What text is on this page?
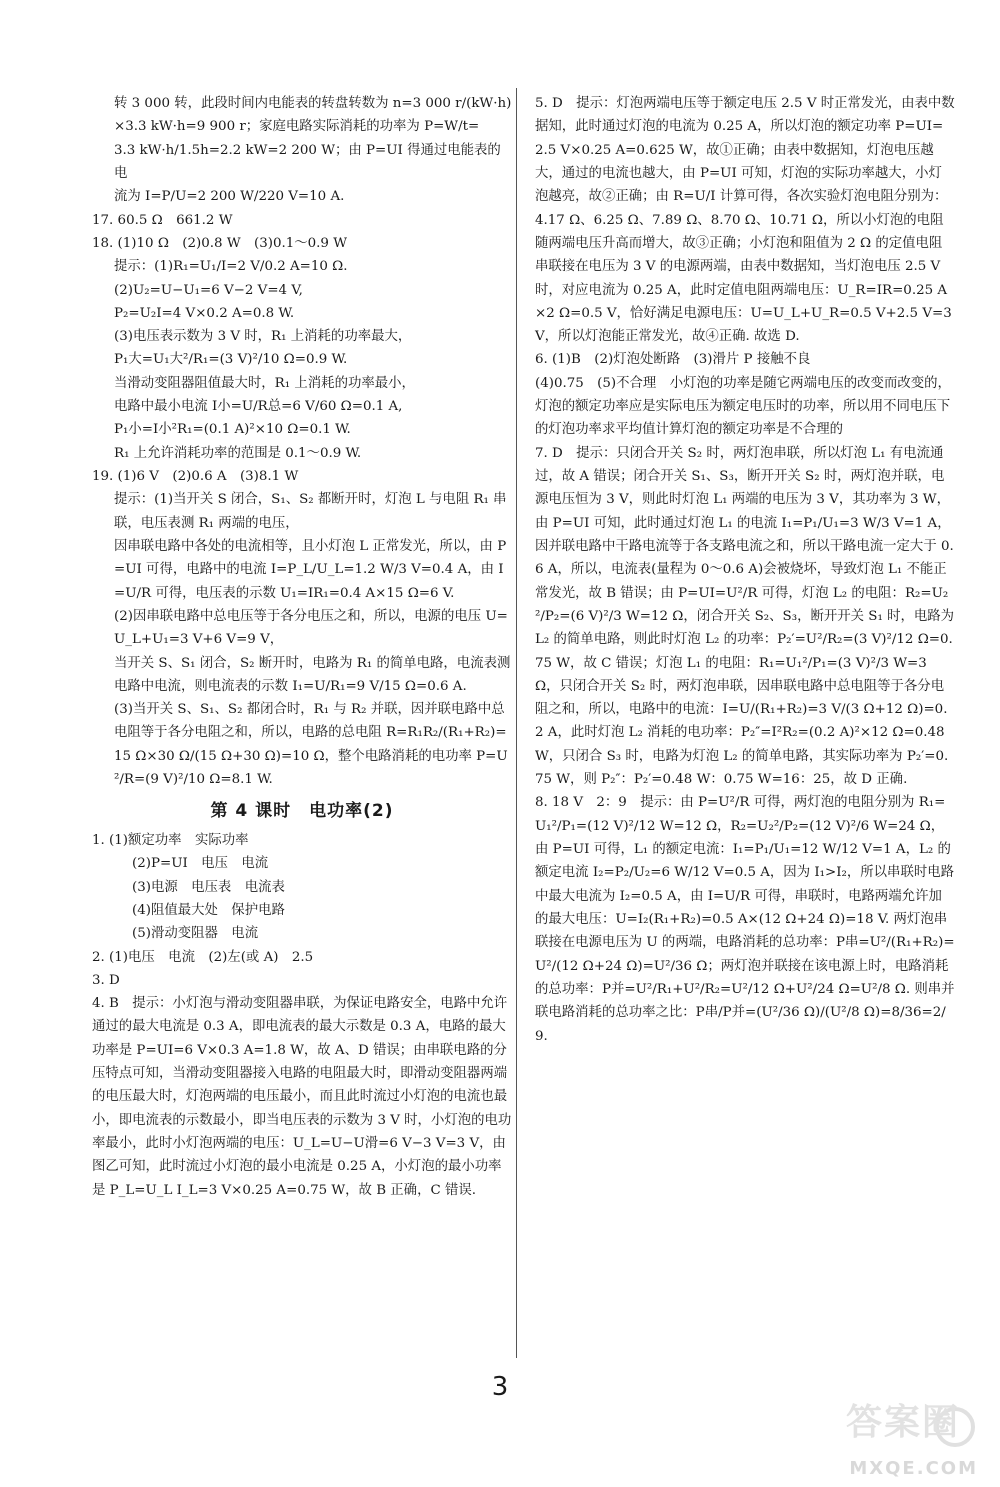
转 3 000 转，此段时间内电能表的转盘转数为 n=3 000 r/(kW·h)
×3.3 kW·h=9 900 r；家庭电路实际消耗的功率为 P=W/t=
3.3 kW·h/1.5h=2.2 kW=2 200 W；由 P=UI 得通过电能表的电
流为 I=P/U=2 200 W/220 V=10 A.
17. 60.5 Ω　661.2 W
18. (1)10 Ω　(2)0.8 W　(3)0.1～0.9 W
提示：(1)R₁=U₁/I=2 V/0.2 A=10 Ω.
(2)U₂=U−U₁=6 V−2 V=4 V,
P₂=U₂I=4 V×0.2 A=0.8 W.
(3)电压表示数为 3 V 时，R₁ 上消耗的功率最大，
P₁大=U₁大²/R₁=(3 V)²/10 Ω=0.9 W.
当滑动变阻器阻值最大时，R₁ 上消耗的功率最小，
电路中最小电流 I小=U/R总=6 V/60 Ω=0.1 A,
P₁小=I小²R₁=(0.1 A)²×10 Ω=0.1 W.
R₁ 上允许消耗功率的范围是 0.1～0.9 W.
19. (1)6 V　(2)0.6 A　(3)8.1 W
提示：(1)当开关 S 闭合，S₁、S₂ 都断开时，灯泡 L 与电阻 R₁ 串联，电压表测 R₁ 两端的电压，
因串联电路中各处的电流相等，且小灯泡 L 正常发光，所以，由 P=UI 可得，电路中的电流 I=P_L/U_L=1.2 W/3 V=0.4 A，由 I=U/R 可得，电压表的示数 U₁=IR₁=0.4 A×15 Ω=6 V.
(2)因串联电路中总电压等于各分电压之和，所以，电源的电压 U=U_L+U₁=3 V+6 V=9 V，
当开关 S、S₁ 闭合，S₂ 断开时，电路为 R₁ 的简单电路，电流表测电路中电流，则电流表的示数 I₁=U/R₁=9 V/15 Ω=0.6 A.
(3)当开关 S、S₁、S₂ 都闭合时，R₁ 与 R₂ 并联，因并联电路中总电阻等于各分电阻之和，所以，电路的总电阻 R=R₁R₂/(R₁+R₂)=15 Ω×30 Ω/(15 Ω+30 Ω)=10 Ω，整个电路消耗的电功率 P=U²/R=(9 V)²/10 Ω=8.1 W.
第 4 课时　电功率(2)
1. (1)额定功率　实际功率
(2)P=UI　电压　电流
(3)电源　电压表　电流表
(4)阻值最大处　保护电路
(5)滑动变阻器　电流
2. (1)电压　电流　(2)左(或 A)　2.5
3. D
4. B　提示：小灯泡与滑动变阻器串联，为保证电路安全，电路中允许通过的最大电流是 0.3 A，即电流表的最大示数是 0.3 A，电路的最大功率是 P=UI=6 V×0.3 A=1.8 W，故 A、D 错误；由串联电路的分压特点可知，当滑动变阻器接入电路的电阻最大时，即滑动变阻器两端的电压最大时，灯泡两端的电压最小，而且此时流过小灯泡的电流也最小，即电流表的示数最小，即当电压表的示数为 3 V 时，小灯泡的电功率最小，此时小灯泡两端的电压：U_L=U−U滑=6 V−3 V=3 V，由图乙可知，此时流过小灯泡的最小电流是 0.25 A，小灯泡的最小功率是 P_L=U_L I_L=3 V×0.25 A=0.75 W，故 B 正确，C 错误.
5. D　提示：灯泡两端电压等于额定电压 2.5 V 时正常发光，由表中数据知，此时通过灯泡的电流为 0.25 A，所以灯泡的额定功率 P=UI=2.5 V×0.25 A=0.625 W，故①正确；由表中数据知，灯泡电压越大，通过的电流也越大，由 P=UI 可知，灯泡的实际功率越大，小灯泡越亮，故②正确；由 R=U/I 计算可得，各次实验灯泡电阻分别为：4.17 Ω、6.25 Ω、7.89 Ω、8.70 Ω、10.71 Ω，所以小灯泡的电阻随两端电压升高而增大，故③正确；小灯泡和阻值为 2 Ω 的定值电阻串联接在电压为 3 V 的电源两端，由表中数据知，当灯泡电压 2.5 V 时，对应电流为 0.25 A，此时定值电阻两端电压：U_R=IR=0.25 A×2 Ω=0.5 V，恰好满足电源电压：U=U_L+U_R=0.5 V+2.5 V=3 V，所以灯泡能正常发光，故④正确. 故选 D.
6. (1)B　(2)灯泡处断路　(3)滑片 P 接触不良
(4)0.75　(5)不合理　小灯泡的功率是随它两端电压的改变而改变的，灯泡的额定功率应是实际电压为额定电压时的功率，所以用不同电压下的灯泡功率求平均值计算灯泡的额定功率是不合理的
7. D　提示：只闭合开关 S₂ 时，两灯泡串联，所以灯泡 L₁ 有电流通过，故 A 错误；闭合开关 S₁、S₃，断开开关 S₂ 时，两灯泡并联，电源电压恒为 3 V，则此时灯泡 L₁ 两端的电压为 3 V，其功率为 3 W，由 P=UI 可知，此时通过灯泡 L₁ 的电流 I₁=P₁/U₁=3 W/3 V=1 A，因并联电路中干路电流等于各支路电流之和，所以干路电流一定大于 0.6 A，所以，电流表(量程为 0～0.6 A)会被烧坏，导致灯泡 L₁ 不能正常发光，故 B 错误；由 P=UI=U²/R 可得，灯泡 L₂ 的电阻：R₂=U₂²/P₂=(6 V)²/3 W=12 Ω，闭合开关 S₂、S₃，断开开关 S₁ 时，电路为 L₂ 的简单电路，则此时灯泡 L₂ 的功率：P₂′=U²/R₂=(3 V)²/12 Ω=0.75 W，故 C 错误；灯泡 L₁ 的电阻：R₁=U₁²/P₁=(3 V)²/3 W=3 Ω，只闭合开关 S₂ 时，两灯泡串联，因串联电路中总电阻等于各分电阻之和，所以，电路中的电流：I=U/(R₁+R₂)=3 V/(3 Ω+12 Ω)=0.2 A，此时灯泡 L₂ 消耗的电功率：P₂″=I²R₂=(0.2 A)²×12 Ω=0.48 W，只闭合 S₃ 时，电路为灯泡 L₂ 的简单电路，其实际功率为 P₂′=0.75 W，则 P₂″：P₂′=0.48 W：0.75 W=16：25，故 D 正确.
8. 18 V　2：9　提示：由 P=U²/R 可得，两灯泡的电阻分别为 R₁=U₁²/P₁=(12 V)²/12 W=12 Ω，R₂=U₂²/P₂=(12 V)²/6 W=24 Ω，由 P=UI 可得，L₁ 的额定电流：I₁=P₁/U₁=12 W/12 V=1 A，L₂ 的额定电流 I₂=P₂/U₂=6 W/12 V=0.5 A，因为 I₁>I₂，所以串联时电路中最大电流为 I₂=0.5 A，由 I=U/R 可得，串联时，电路两端允许加的最大电压：U=I₂(R₁+R₂)=0.5 A×(12 Ω+24 Ω)=18 V. 两灯泡串联接在电源电压为 U 的两端，电路消耗的总功率：P串=U²/(R₁+R₂)=U²/(12 Ω+24 Ω)=U²/36 Ω；两灯泡并联接在该电源上时，电路消耗的总功率：P并=U²/R₁+U²/R₂=U²/12 Ω+U²/24 Ω=U²/8 Ω. 则串并联电路消耗的总功率之比：P串/P并=(U²/36 Ω)/(U²/8 Ω)=8/36=2/9.
3
答案圈
MXQE.COM
